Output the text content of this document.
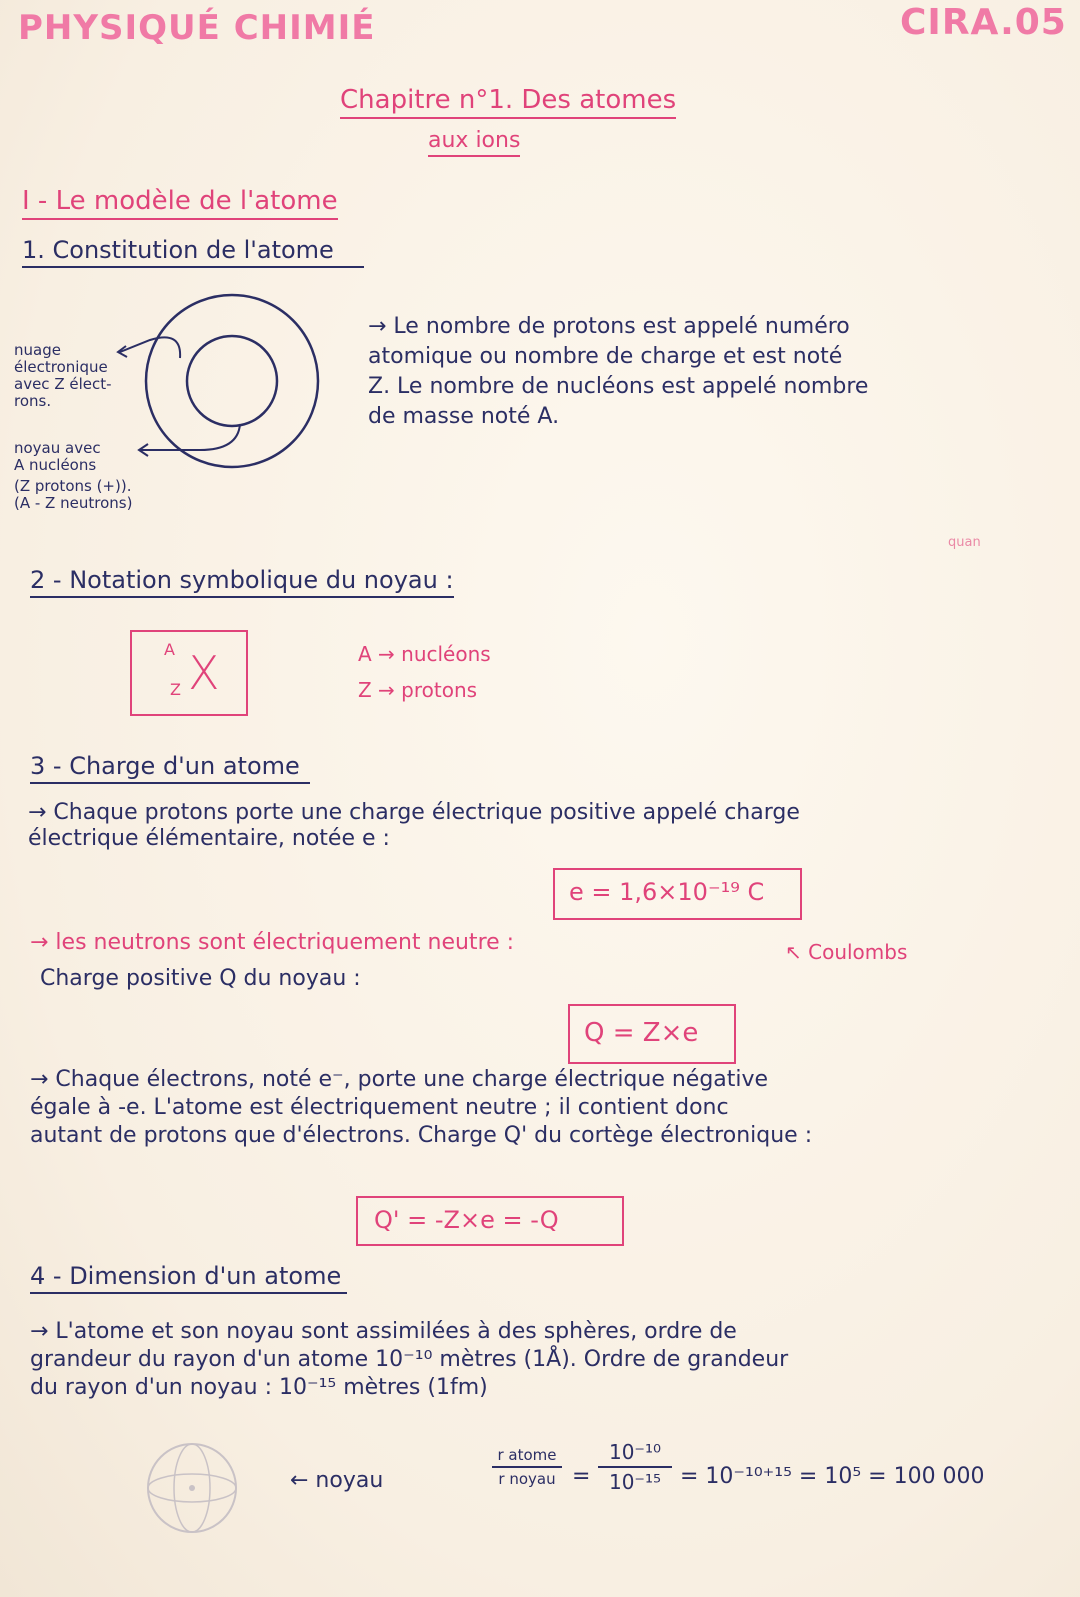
PHYSIQUÉ CHIMIÉ	CIRA.05
Chapitre n°1. Des atomes
aux ions
I - Le modèle de l'atome
1. Constitution de l'atome
nuage
électronique
avec Z élect-
rons.
noyau avec
A nucléons
(Z protons (+)).
(A - Z neutrons)
→ Le nombre de protons est appelé numéro
atomique ou nombre de charge et est noté
Z. Le nombre de nucléons est appelé nombre
de masse noté A.
quan
2 - Notation symbolique du noyau :
A
Z X	A → nucléons
Z → protons
3 - Charge d'un atome
→ Chaque protons porte une charge électrique positive appelé charge
électrique élémentaire, notée e :
e = 1,6×10⁻¹⁹ C
↖ Coulombs
→ les neutrons sont électriquement neutre :
Charge positive Q du noyau :
Q = Z×e
→ Chaque électrons, noté e⁻, porte une charge électrique négative
égale à -e. L'atome est électriquement neutre ; il contient donc
autant de protons que d'électrons. Charge Q' du cortège électronique :
Q' = -Z×e = -Q
4 - Dimension d'un atome
→ L'atome et son noyau sont assimilées à des sphères, ordre de
grandeur du rayon d'un atome 10⁻¹⁰ mètres (1Å). Ordre de grandeur
du rayon d'un noyau : 10⁻¹⁵ mètres (1fm)
← noyau
r atome
r noyau =
10⁻¹⁰
10⁻¹⁵ = 10⁻¹⁰⁺¹⁵ = 10⁵ = 100 000
